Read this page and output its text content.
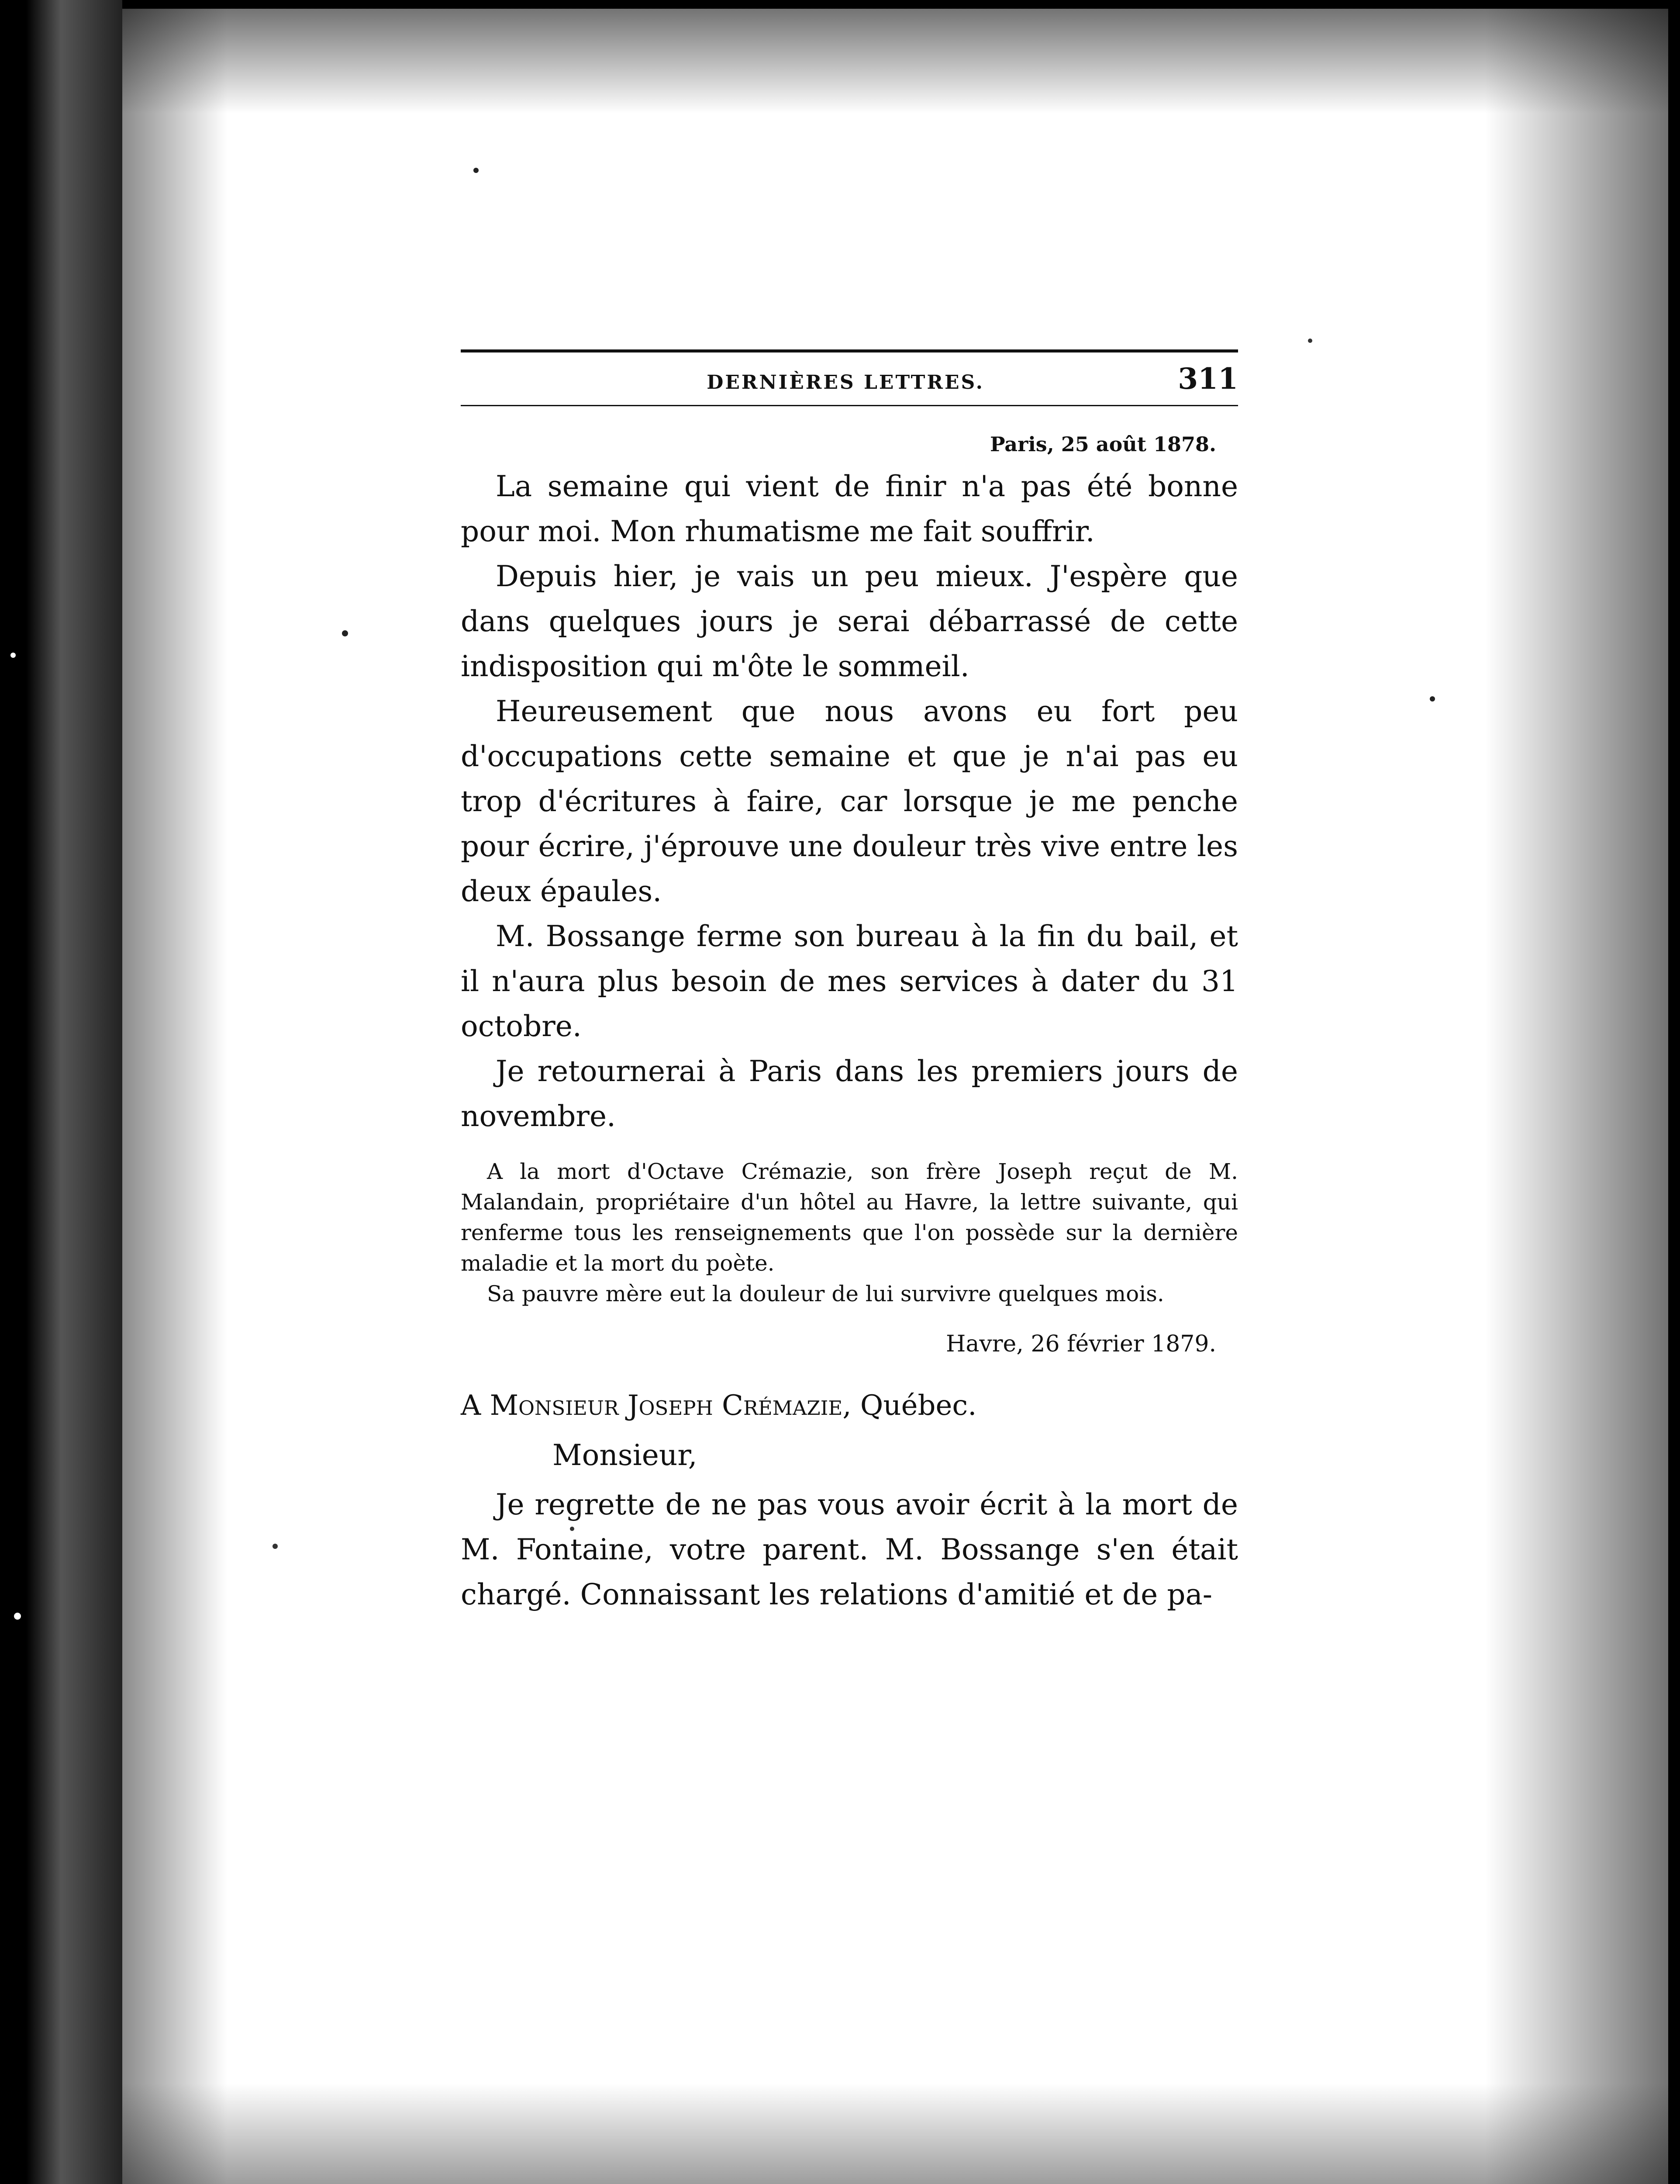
DERNIÈRES LETTRES.	311
Paris, 25 août 1878.

La semaine qui vient de finir n'a pas été bonne pour moi. Mon rhumatisme me fait souffrir.

Depuis hier, je vais un peu mieux. J'espère que dans quelques jours je serai débarrassé de cette indisposition qui m'ôte le sommeil.

Heureusement que nous avons eu fort peu d'occupations cette semaine et que je n'ai pas eu trop d'écritures à faire, car lorsque je me penche pour écrire, j'éprouve une douleur très vive entre les deux épaules.

M. Bossange ferme son bureau à la fin du bail, et il n'aura plus besoin de mes services à dater du 31 octobre.

Je retournerai à Paris dans les premiers jours de novembre.

A la mort d'Octave Crémazie, son frère Joseph reçut de M. Malandain, propriétaire d'un hôtel au Havre, la lettre suivante, qui renferme tous les renseignements que l'on possède sur la dernière maladie et la mort du poète.

Sa pauvre mère eut la douleur de lui survivre quelques mois.

Havre, 26 février 1879.

A Monsieur Joseph Crémazie, Québec.

Monsieur,

Je regrette de ne pas vous avoir écrit à la mort de M. Fontaine, votre parent. M. Bossange s'en était chargé. Connaissant les relations d'amitié et de pa-
